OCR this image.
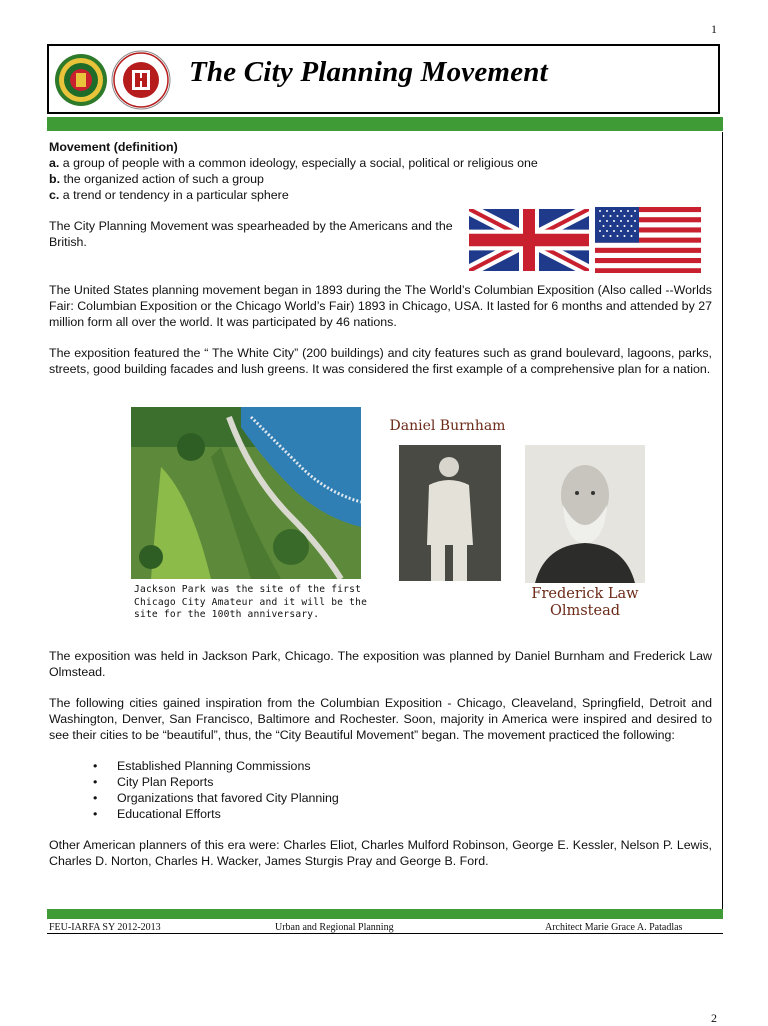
1
The City Planning Movement
Movement (definition)
a. a group of people with a common ideology, especially a social, political or religious one
b. the organized action of such a group
c. a trend or tendency in a particular sphere
The City Planning Movement was spearheaded by the Americans and the British.
The United States planning movement began in 1893 during the The World’s Columbian Exposition (Also called --Worlds Fair: Columbian Exposition or the Chicago World’s Fair) 1893 in Chicago, USA. It lasted for 6 months and attended by 27 million form all over the world. It was participated by 46 nations.
The exposition featured the “ The White City” (200 buildings) and city features such as grand boulevard, lagoons, parks, streets, good building facades and lush greens. It was considered the first example of a comprehensive plan for a nation.
Jackson Park was the site of the first
Chicago City Amateur and it will be the
site for the 100th anniversary.
Daniel Burnham
Frederick Law
Olmstead
The exposition was held in Jackson Park, Chicago. The exposition was planned by Daniel Burnham and Frederick Law Olmstead.
The following cities gained inspiration from the Columbian Exposition - Chicago, Cleaveland, Springfield, Detroit and Washington, Denver, San Francisco, Baltimore and Rochester. Soon, majority in America were inspired and desired to see their cities to be “beautiful”, thus, the “City Beautiful Movement” began. The movement practiced the following:
• Established Planning Commissions
• City Plan Reports
• Organizations that favored City Planning
• Educational Efforts
Other American planners of this era were: Charles Eliot, Charles Mulford Robinson, George E. Kessler, Nelson P. Lewis, Charles D. Norton, Charles H. Wacker, James Sturgis Pray and George B. Ford.
FEU-IARFA SY 2012-2013	Urban and Regional Planning	Architect Marie Grace A. Patadlas
2
